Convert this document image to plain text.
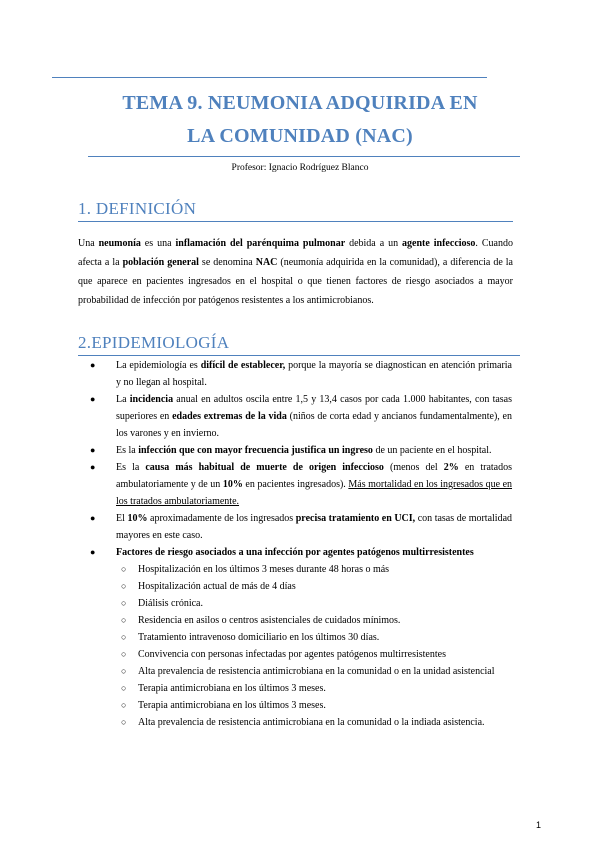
TEMA 9. NEUMONIA ADQUIRIDA EN
LA COMUNIDAD (NAC)
Profesor: Ignacio Rodríguez Blanco
1. DEFINICIÓN
Una neumonía es una inflamación del parénquima pulmonar debida a un agente infeccioso. Cuando afecta a la población general se denomina NAC (neumonía adquirida en la comunidad), a diferencia de la que aparece en pacientes ingresados en el hospital o que tienen factores de riesgo asociados a mayor probabilidad de infección por patógenos resistentes a los antimicrobianos.
2.EPIDEMIOLOGÍA
● La epidemiología es difícil de establecer, porque la mayoría se diagnostican en atención primaria y no llegan al hospital.
● La incidencia anual en adultos oscila entre 1,5 y 13,4 casos por cada 1.000 habitantes, con tasas superiores en edades extremas de la vida (niños de corta edad y ancianos fundamentalmente), en los varones y en invierno.
● Es la infección que con mayor frecuencia justifica un ingreso de un paciente en el hospital.
● Es la causa más habitual de muerte de origen infeccioso (menos del 2% en tratados ambulatoriamente y de un 10% en pacientes ingresados). Más mortalidad en los ingresados que en los tratados ambulatoriamente.
● El 10% aproximadamente de los ingresados precisa tratamiento en UCI, con tasas de mortalidad mayores en este caso.
● Factores de riesgo asociados a una infección por agentes patógenos multirresistentes
○ Hospitalización en los últimos 3 meses durante 48 horas o más
○ Hospitalización actual de más de 4 días
○ Diálisis crónica.
○ Residencia en asilos o centros asistenciales de cuidados mínimos.
○ Tratamiento intravenoso domiciliario en los últimos 30 días.
○ Convivencia con personas infectadas por agentes patógenos multirresistentes
○ Alta prevalencia de resistencia antimicrobiana en la comunidad o en la unidad asistencial
○ Terapia antimicrobiana en los últimos 3 meses.
○ Terapia antimicrobiana en los últimos 3 meses.
○ Alta prevalencia de resistencia antimicrobiana en la comunidad o la indiada asistencia.
1
